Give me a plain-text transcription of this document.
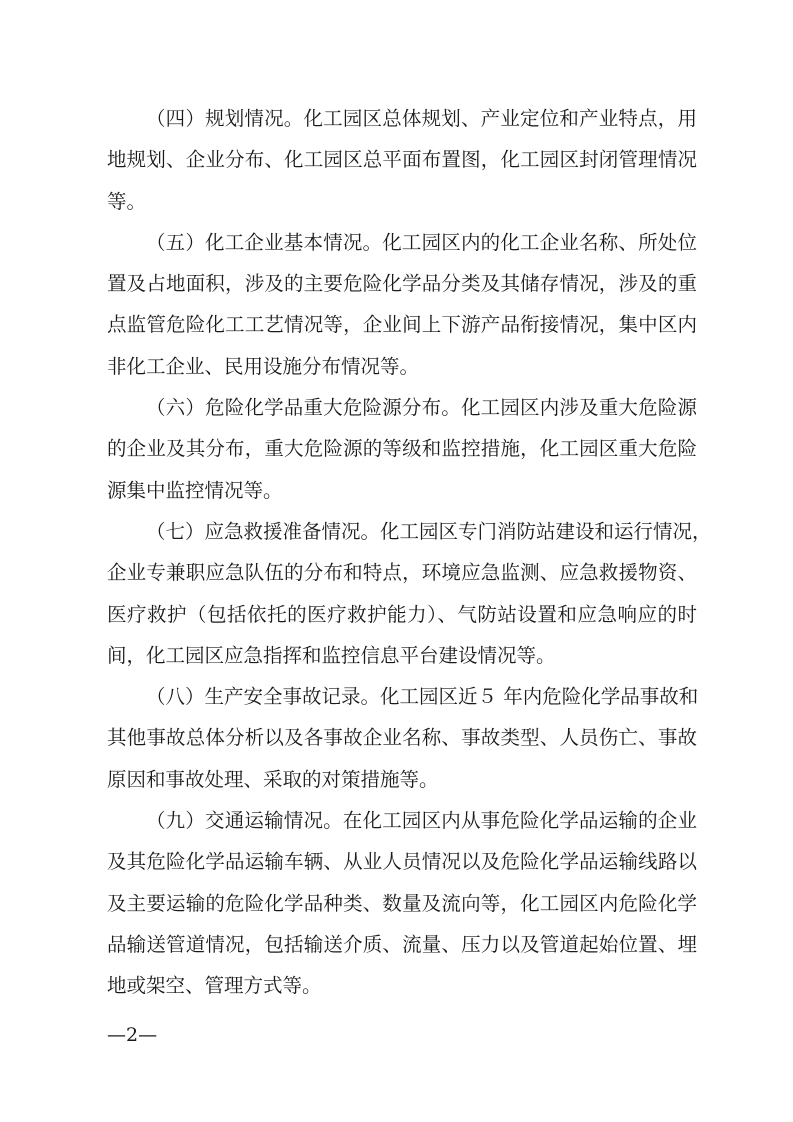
（四）规划情况。化工园区总体规划、产业定位和产业特点，用
地规划、企业分布、化工园区总平面布置图，化工园区封闭管理情况
等。
（五）化工企业基本情况。化工园区内的化工企业名称、所处位
置及占地面积，涉及的主要危险化学品分类及其储存情况，涉及的重
点监管危险化工工艺情况等，企业间上下游产品衔接情况，集中区内
非化工企业、民用设施分布情况等。
（六）危险化学品重大危险源分布。化工园区内涉及重大危险源
的企业及其分布，重大危险源的等级和监控措施，化工园区重大危险
源集中监控情况等。
（七）应急救援准备情况。化工园区专门消防站建设和运行情况，
企业专兼职应急队伍的分布和特点，环境应急监测、应急救援物资、
医疗救护（包括依托的医疗救护能力）、气防站设置和应急响应的时
间，化工园区应急指挥和监控信息平台建设情况等。
（八）生产安全事故记录。化工园区近５ 年内危险化学品事故和
其他事故总体分析以及各事故企业名称、事故类型、人员伤亡、事故
原因和事故处理、采取的对策措施等。
（九）交通运输情况。在化工园区内从事危险化学品运输的企业
及其危险化学品运输车辆、从业人员情况以及危险化学品运输线路以
及主要运输的危险化学品种类、数量及流向等，化工园区内危险化学
品输送管道情况，包括输送介质、流量、压力以及管道起始位置、埋
地或架空、管理方式等。
—2—
